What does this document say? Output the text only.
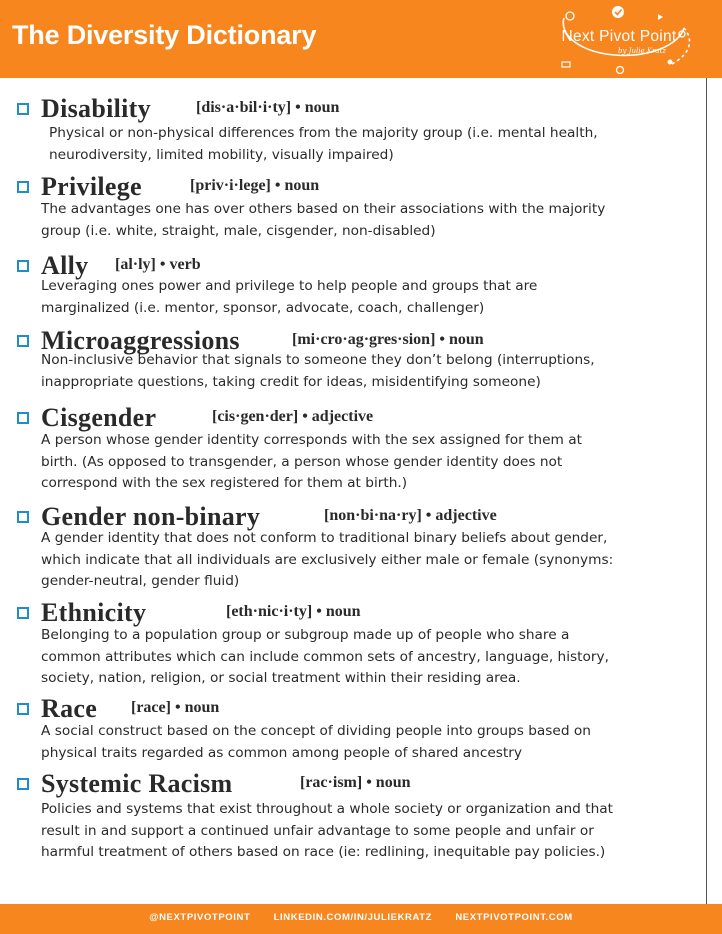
The Diversity Dictionary	Next Pivot Point
by Julie Kratz
Disability	[dis·a·bil·i·ty] • noun
Physical or non-physical differences from the majority group (i.e. mental health,
neurodiversity, limited mobility, visually impaired)
Privilege	[priv·i·lege] • noun
The advantages one has over others based on their associations with the majority
group (i.e. white, straight, male, cisgender, non-disabled)
Ally [al·ly] • verb
Leveraging ones power and privilege to help people and groups that are
marginalized (i.e. mentor, sponsor, advocate, coach, challenger)
Microaggressions	[mi·cro·ag·gres·sion] • noun
Non-inclusive behavior that signals to someone they don’t belong (interruptions,
inappropriate questions, taking credit for ideas, misidentifying someone)
Cisgender	[cis·gen·der] • adjective
A person whose gender identity corresponds with the sex assigned for them at
birth. (As opposed to transgender, a person whose gender identity does not
correspond with the sex registered for them at birth.)
Gender non-binary	[non·bi·na·ry] • adjective
A gender identity that does not conform to traditional binary beliefs about gender,
which indicate that all individuals are exclusively either male or female (synonyms:
gender-neutral, gender fluid)
Ethnicity	[eth·nic·i·ty] • noun
Belonging to a population group or subgroup made up of people who share a
common attributes which can include common sets of ancestry, language, history,
society, nation, religion, or social treatment within their residing area.
Race [race] • noun
A social construct based on the concept of dividing people into groups based on
physical traits regarded as common among people of shared ancestry
Systemic Racism	[rac·ism] • noun
Policies and systems that exist throughout a whole society or organization and that
result in and support a continued unfair advantage to some people and unfair or
harmful treatment of others based on race (ie: redlining, inequitable pay policies.)
@NEXTPIVOTPOINT LINKEDIN.COM/IN/JULIEKRATZ NEXTPIVOTPOINT.COM
